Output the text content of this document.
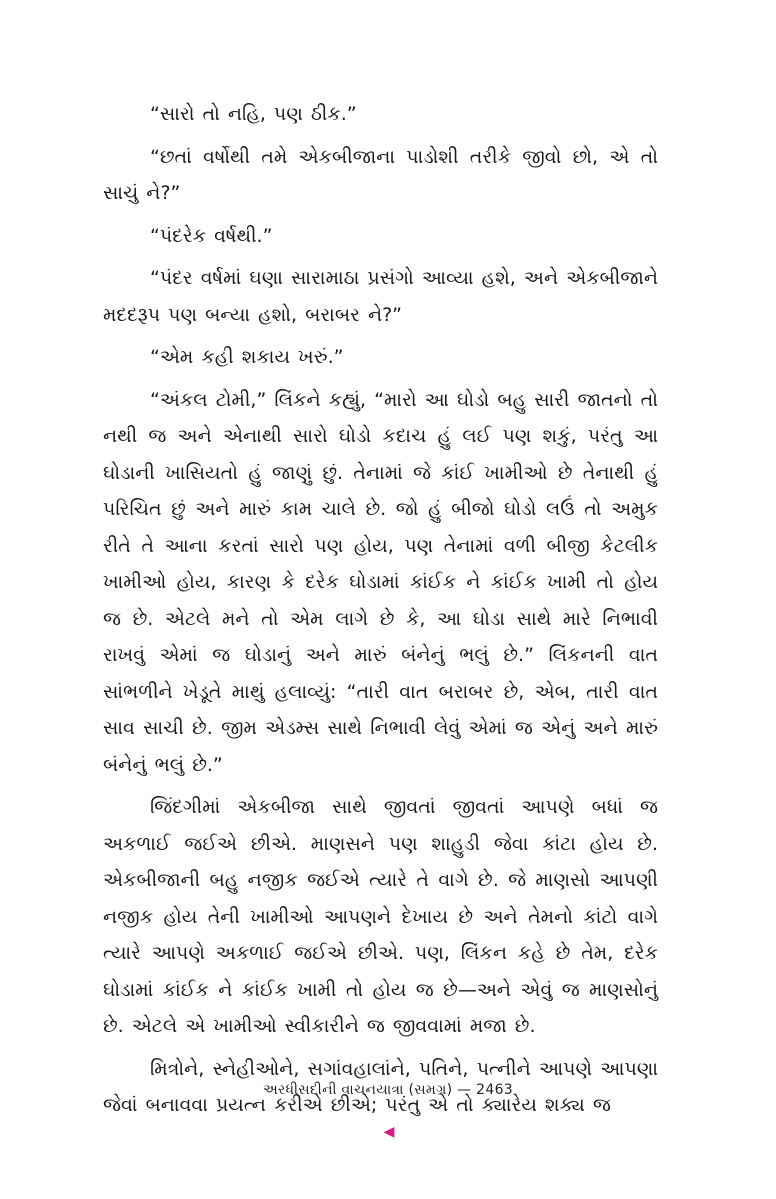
“સારો તો નહિ, પણ ઠીક.”

“છતાં વર્ષોથી તમે એકબીજાના પાડોશી તરીકે જીવો છો, એ તો સાચું ને?”

“પંદરેક વર્ષથી.”

“પંદર વર્ષમાં ઘણા સારામાઠા પ્રસંગો આવ્યા હશે, અને એકબીજાને મદદરૂપ પણ બન્યા હશો, બરાબર ને?”

“એમ કહી શકાય ખરું.”

“અંકલ ટોમી,” લિંકને કહ્યું, “મારો આ ઘોડો બહુ સારી જાતનો તો નથી જ અને એનાથી સારો ઘોડો કદાચ હું લઈ પણ શકું, પરંતુ આ ઘોડાની ખાસિયતો હું જાણું છું. તેનામાં જે કાંઈ ખામીઓ છે તેનાથી હું પરિચિત છું અને મારું કામ ચાલે છે. જો હું બીજો ઘોડો લઉં તો અમુક રીતે તે આના કરતાં સારો પણ હોય, પણ તેનામાં વળી બીજી કેટલીક ખામીઓ હોય, કારણ કે દરેક ઘોડામાં કાંઈક ને કાંઈક ખામી તો હોય જ છે. એટલે મને તો એમ લાગે છે કે, આ ઘોડા સાથે મારે નિભાવી રાખવું એમાં જ ઘોડાનું અને મારું બંનેનું ભલું છે.” લિંકનની વાત સાંભળીને ખેડૂતે માથું હલાવ્યું: “તારી વાત બરાબર છે, એબ, તારી વાત સાવ સાચી છે. જીમ એડમ્સ સાથે નિભાવી લેવું એમાં જ એનું અને મારું બંનેનું ભલું છે.”

જિંદગીમાં એકબીજા સાથે જીવતાં જીવતાં આપણે બધાં જ અકળાઈ જઈએ છીએ. માણસને પણ શાહુડી જેવા કાંટા હોય છે. એકબીજાની બહુ નજીક જઈએ ત્યારે તે વાગે છે. જે માણસો આપણી નજીક હોય તેની ખામીઓ આપણને દેખાય છે અને તેમનો કાંટો વાગે ત્યારે આપણે અકળાઈ જઈએ છીએ. પણ, લિંકન કહે છે તેમ, દરેક ઘોડામાં કાંઈક ને કાંઈક ખામી તો હોય જ છે—અને એવું જ માણસોનું છે. એટલે એ ખામીઓ સ્વીકારીને જ જીવવામાં મજા છે.

મિત્રોને, સ્નેહીઓને, સગાંવહાલાંને, પતિને, પત્નીને આપણે આપણા જેવાં બનાવવા પ્રયત્ન કરીએ છીએ; પરંતુ એ તો ક્યારેય શક્ય જ

અરધીસદીની વાચનયાત્રા (સમગ્ર) — 2463
◀
